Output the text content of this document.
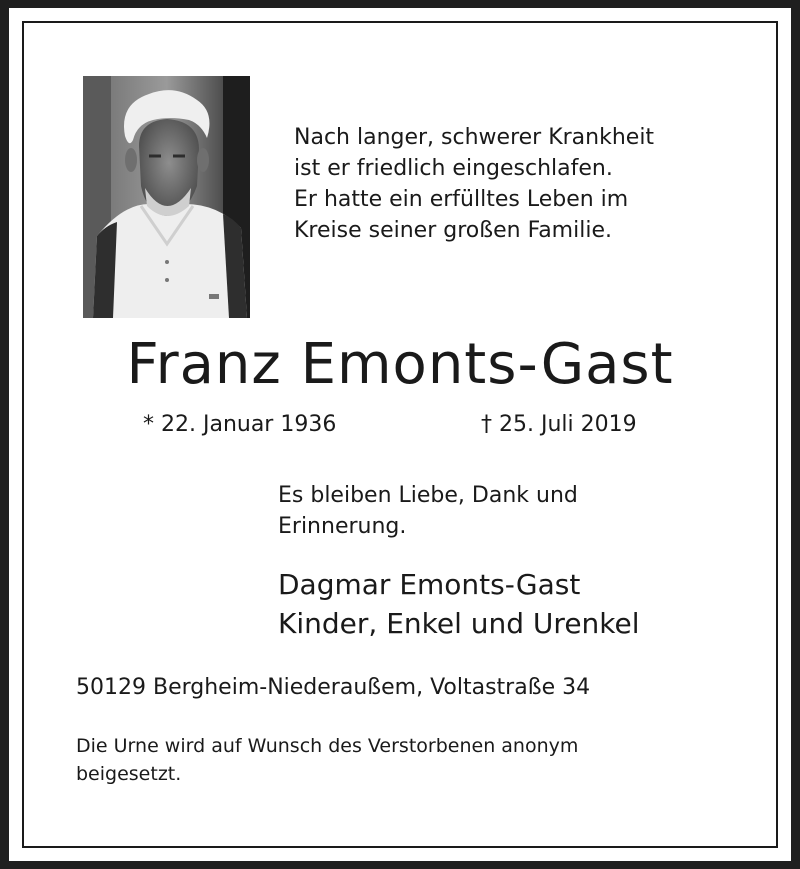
Nach langer, schwerer Krankheit
ist er friedlich eingeschlafen.
Er hatte ein erfülltes Leben im
Kreise seiner großen Familie.
Franz Emonts-Gast
* 22. Januar 1936	† 25. Juli 2019
Es bleiben Liebe, Dank und
Erinnerung.
Dagmar Emonts-Gast
Kinder, Enkel und Urenkel
50129 Bergheim-Niederaußem, Voltastraße 34
Die Urne wird auf Wunsch des Verstorbenen anonym
beigesetzt.
